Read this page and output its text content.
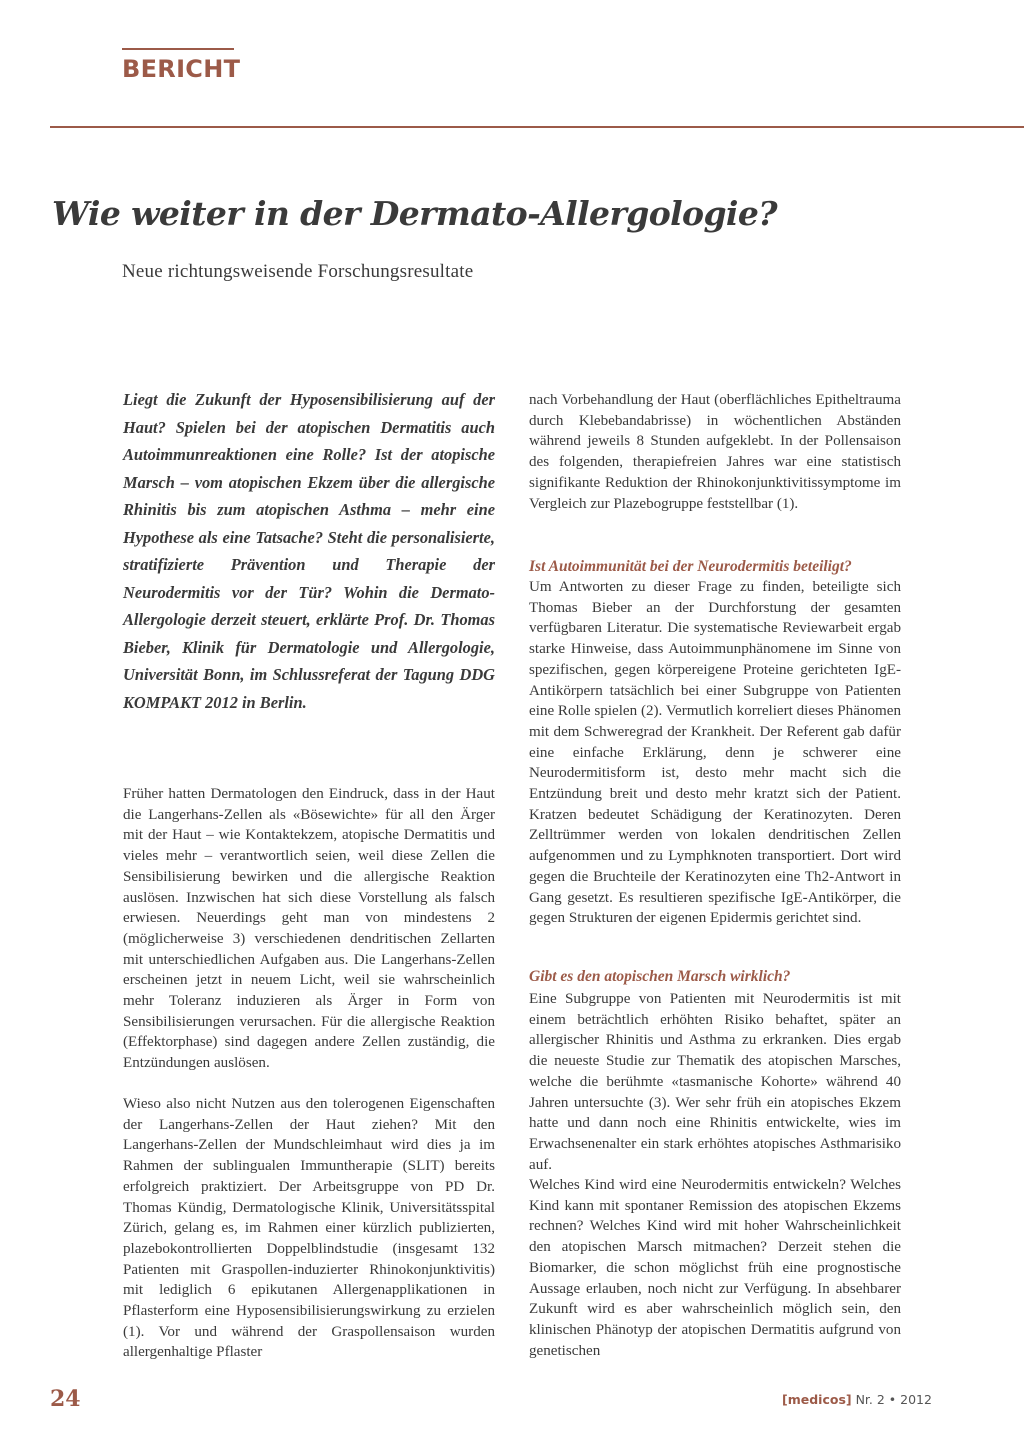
BERICHT
Wie weiter in der Dermato-Allergologie?

Neue richtungsweisende Forschungsresultate

Liegt die Zukunft der Hyposensibilisierung auf der Haut? Spielen bei der atopischen Dermatitis auch Autoimmunreaktionen eine Rolle? Ist der atopische Marsch – vom atopischen Ekzem über die allergische Rhinitis bis zum atopischen Asthma – mehr eine Hypothese als eine Tatsache? Steht die personalisierte, stratifizierte Prävention und Therapie der Neurodermitis vor der Tür? Wohin die Dermato-Allergologie derzeit steuert, erklärte Prof. Dr. Thomas Bieber, Klinik für Dermatologie und Allergologie, Universität Bonn, im Schlussreferat der Tagung DDG KOMPAKT 2012 in Berlin.

Früher hatten Dermatologen den Eindruck, dass in der Haut die Langerhans-Zellen als «Bösewichte» für all den Ärger mit der Haut – wie Kontaktekzem, atopische Dermatitis und vieles mehr – verantwortlich seien, weil diese Zellen die Sensibilisierung bewirken und die allergische Reaktion auslösen. Inzwischen hat sich diese Vorstellung als falsch erwiesen. Neuerdings geht man von mindestens 2 (möglicherweise 3) verschiedenen dendritischen Zellarten mit unterschiedlichen Aufgaben aus. Die Langerhans-Zellen erscheinen jetzt in neuem Licht, weil sie wahrscheinlich mehr Toleranz induzieren als Ärger in Form von Sensibilisierungen verursachen. Für die allergische Reaktion (Effektorphase) sind dagegen andere Zellen zuständig, die Entzündungen auslösen.

Wieso also nicht Nutzen aus den tolerogenen Eigenschaften der Langerhans-Zellen der Haut ziehen? Mit den Langerhans-Zellen der Mundschleimhaut wird dies ja im Rahmen der sublingualen Immuntherapie (SLIT) bereits erfolgreich praktiziert. Der Arbeitsgruppe von PD Dr. Thomas Kündig, Dermatologische Klinik, Universitätsspital Zürich, gelang es, im Rahmen einer kürzlich publizierten, plazebokontrollierten Doppelblindstudie (insgesamt 132 Patienten mit Graspollen-induzierter Rhinokonjunktivitis) mit lediglich 6 epikutanen Allergenapplikationen in Pflasterform eine Hyposensibilisierungswirkung zu erzielen (1). Vor und während der Graspollensaison wurden allergenhaltige Pflaster

nach Vorbehandlung der Haut (oberflächliches Epitheltrauma durch Klebebandabrisse) in wöchentlichen Abständen während jeweils 8 Stunden aufgeklebt. In der Pollensaison des folgenden, therapiefreien Jahres war eine statistisch signifikante Reduktion der Rhinokonjunktivitissymptome im Vergleich zur Plazebogruppe feststellbar (1).

Ist Autoimmunität bei der Neurodermitis beteiligt?

Um Antworten zu dieser Frage zu finden, beteiligte sich Thomas Bieber an der Durchforstung der gesamten verfügbaren Literatur. Die systematische Reviewarbeit ergab starke Hinweise, dass Autoimmunphänomene im Sinne von spezifischen, gegen körpereigene Proteine gerichteten IgE-Antikörpern tatsächlich bei einer Subgruppe von Patienten eine Rolle spielen (2). Vermutlich korreliert dieses Phänomen mit dem Schweregrad der Krankheit. Der Referent gab dafür eine einfache Erklärung, denn je schwerer eine Neurodermitisform ist, desto mehr macht sich die Entzündung breit und desto mehr kratzt sich der Patient. Kratzen bedeutet Schädigung der Keratinozyten. Deren Zelltrümmer werden von lokalen dendritischen Zellen aufgenommen und zu Lymphknoten transportiert. Dort wird gegen die Bruchteile der Keratinozyten eine Th2-Antwort in Gang gesetzt. Es resultieren spezifische IgE-Antikörper, die gegen Strukturen der eigenen Epidermis gerichtet sind.

Gibt es den atopischen Marsch wirklich?

Eine Subgruppe von Patienten mit Neurodermitis ist mit einem beträchtlich erhöhten Risiko behaftet, später an allergischer Rhinitis und Asthma zu erkranken. Dies ergab die neueste Studie zur Thematik des atopischen Marsches, welche die berühmte «tasmanische Kohorte» während 40 Jahren untersuchte (3). Wer sehr früh ein atopisches Ekzem hatte und dann noch eine Rhinitis entwickelte, wies im Erwachsenenalter ein stark erhöhtes atopisches Asthmarisiko auf.

Welches Kind wird eine Neurodermitis entwickeln? Welches Kind kann mit spontaner Remission des atopischen Ekzems rechnen? Welches Kind wird mit hoher Wahrscheinlichkeit den atopischen Marsch mitmachen? Derzeit stehen die Biomarker, die schon möglichst früh eine prognostische Aussage erlauben, noch nicht zur Verfügung. In absehbarer Zukunft wird es aber wahrscheinlich möglich sein, den klinischen Phänotyp der atopischen Dermatitis aufgrund von genetischen

24	[medicos] Nr. 2 • 2012
